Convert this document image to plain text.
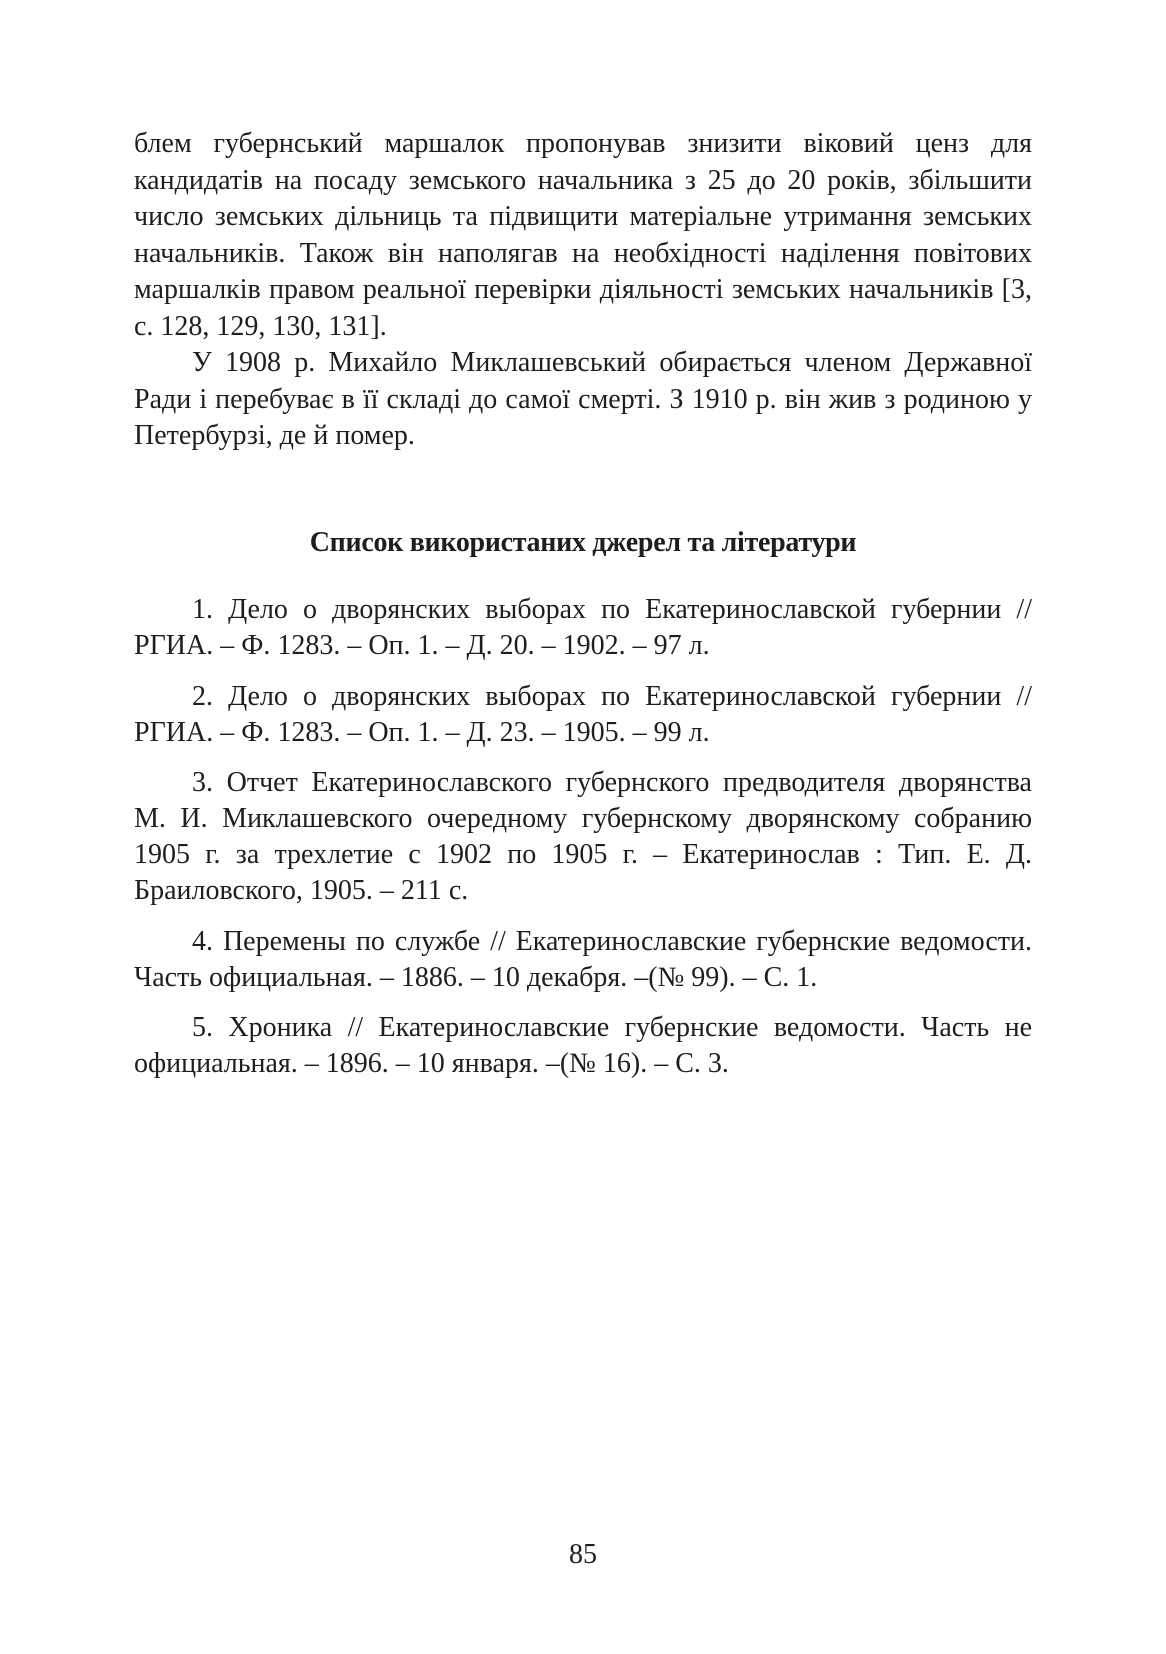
блем губернський маршалок пропонував знизити віковий ценз для кандидатів на посаду земського начальника з 25 до 20 років, збільшити число земських дільниць та підвищити матеріальне утримання земських начальників. Також він наполягав на необхідності наділення повітових маршалків правом реальної перевірки діяльності земських начальників [3, с. 128, 129, 130, 131].

У 1908 р. Михайло Миклашевський обирається членом Державної Ради і перебуває в її складі до самої смерті. З 1910 р. він жив з родиною у Петербурзі, де й помер.

Список використаних джерел та літератури

1. Дело о дворянских выборах по Екатеринославской губернии // РГИА. – Ф. 1283. – Оп. 1. – Д. 20. – 1902. – 97 л.

2. Дело о дворянских выборах по Екатеринославской губернии // РГИА. – Ф. 1283. – Оп. 1. – Д. 23. – 1905. – 99 л.

3. Отчет Екатеринославского губернского предводителя дворянства М. И. Миклашевского очередному губернскому дворянскому собранию 1905 г. за трехлетие с 1902 по 1905 г. – Екатеринослав : Тип. Е. Д. Браиловского, 1905. – 211 с.

4. Перемены по службе // Екатеринославские губернские ведомости. Часть официальная. – 1886. – 10 декабря. –(№ 99). – С. 1.

5. Хроника // Екатеринославские губернские ведомости. Часть не официальная. – 1896. – 10 января. –(№ 16). – С. 3.

85
